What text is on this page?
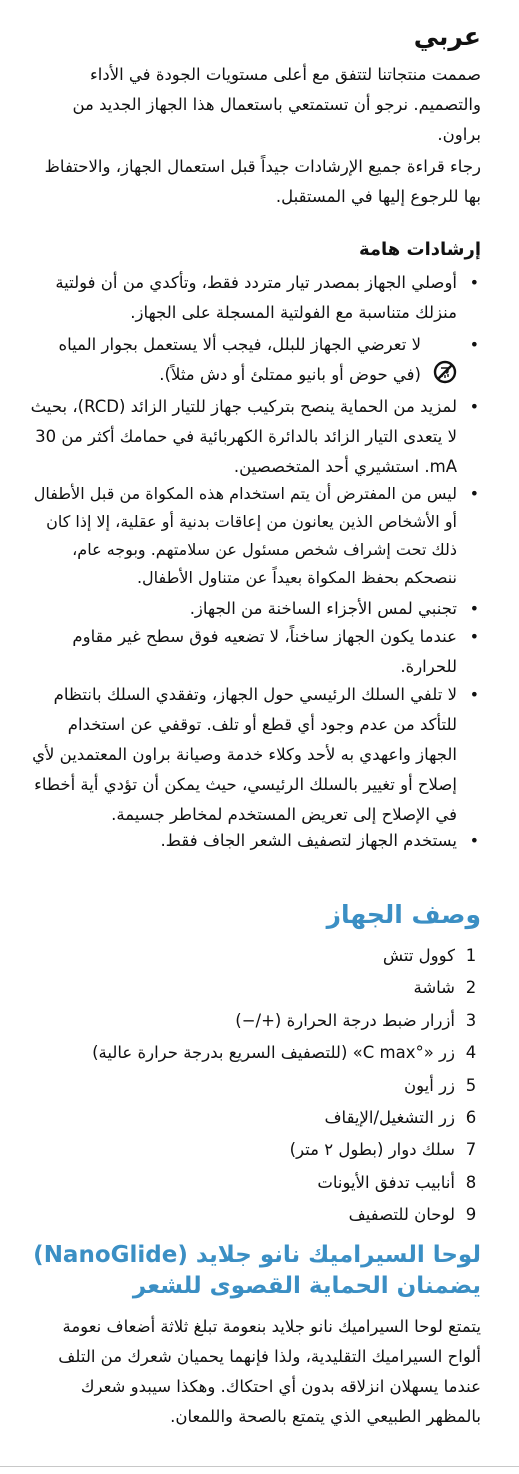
عربي

صممت منتجاتنا لتتفق مع أعلى مستويات الجودة في الأداء والتصميم. نرجو أن تستمتعي باستعمال هذا الجهاز الجديد من براون.

رجاء قراءة جميع الإرشادات جيداً قبل استعمال الجهاز، والاحتفاظ بها للرجوع إليها في المستقبل.

إرشادات هامة
•
أوصلي الجهاز بمصدر تيار متردد فقط، وتأكدي من أن فولتية منزلك متناسبة مع الفولتية المسجلة على الجهاز.
•
لا تعرضي الجهاز للبلل، فيجب ألا يستعمل بجوار المياه (في حوض أو بانيو ممتلئ أو دش مثلاً).
•
لمزيد من الحماية ينصح بتركيب جهاز للتيار الزائد (RCD)، بحيث لا يتعدى التيار الزائد بالدائرة الكهربائية في حمامك أكثر من 30 mA. استشيري أحد المتخصصين.
•
ليس من المفترض أن يتم استخدام هذه المكواة من قبل الأطفال أو الأشخاص الذين يعانون من إعاقات بدنية أو عقلية، إلا إذا كان ذلك تحت إشراف شخص مسئول عن سلامتهم. وبوجه عام، ننصحكم بحفظ المكواة بعيداً عن متناول الأطفال.
•
تجنبي لمس الأجزاء الساخنة من الجهاز.
•
عندما يكون الجهاز ساخناً، لا تضعيه فوق سطح غير مقاوم للحرارة.
•
لا تلفي السلك الرئيسي حول الجهاز، وتفقدي السلك بانتظام للتأكد من عدم وجود أي قطع أو تلف. توقفي عن استخدام الجهاز واعهدي به لأحد وكلاء خدمة وصيانة براون المعتمدين لأي إصلاح أو تغيير بالسلك الرئيسي، حيث يمكن أن تؤدي أية أخطاء في الإصلاح إلى تعريض المستخدم لمخاطر جسيمة.
•
يستخدم الجهاز لتصفيف الشعر الجاف فقط.
وصف الجهاز
1كوول تتش
2شاشة
3أزرار ضبط درجة الحرارة (+/−)
4زر «°C max» (للتصفيف السريع بدرجة حرارة عالية)
5زر أيون
6زر التشغيل/الإيقاف
7سلك دوار (بطول ٢ متر)
8أنابيب تدفق الأيونات
9لوحان للتصفيف
لوحا السيراميك نانو جلايد (NanoGlide)
يضمنان الحماية القصوى للشعر

يتمتع لوحا السيراميك نانو جلايد بنعومة تبلغ ثلاثة أضعاف نعومة ألواح السيراميك التقليدية، ولذا فإنهما يحميان شعرك من التلف عندما يسهلان انزلاقه بدون أي احتكاك. وهكذا سيبدو شعرك بالمظهر الطبيعي الذي يتمتع بالصحة واللمعان.
